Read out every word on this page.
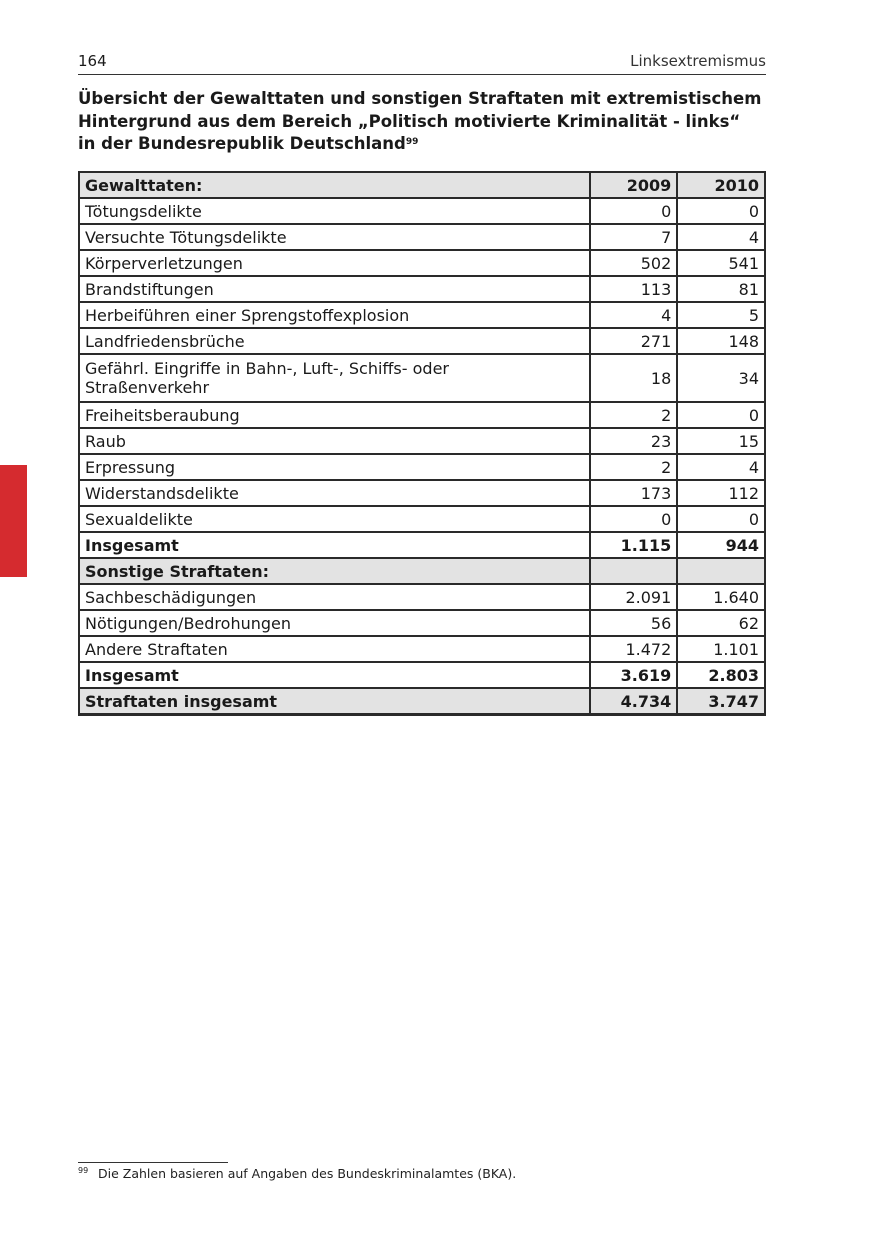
164	Linksextremismus
Übersicht der Gewalttaten und sonstigen Straftaten mit extremistischem
Hintergrund aus dem Bereich „Politisch motivierte Kriminalität - links“
in der Bundesrepublik Deutschland$^{99}$
Gewalttaten:	2009	2010
Tötungsdelikte	0	0
Versuchte Tötungsdelikte	7	4
Körperverletzungen	502	541
Brandstiftungen	113	81
Herbeiführen einer Sprengstoffexplosion	4	5
Landfriedensbrüche	271	148

Gefährl. Eingriffe in Bahn-, Luft-, Schiffs- oder
Straßenverkehr	18	34
Freiheitsberaubung	2	0
Raub	23	15
Erpressung	2	4
Widerstandsdelikte	173	112
Sexualdelikte	0	0
Insgesamt	1.115	944
Sonstige Straftaten:		
Sachbeschädigungen	2.091	1.640
Nötigungen/Bedrohungen	56	62
Andere Straftaten	1.472	1.101
Insgesamt	3.619	2.803
Straftaten insgesamt	4.734	3.747
99 Die Zahlen basieren auf Angaben des Bundeskriminalamtes (BKA).
